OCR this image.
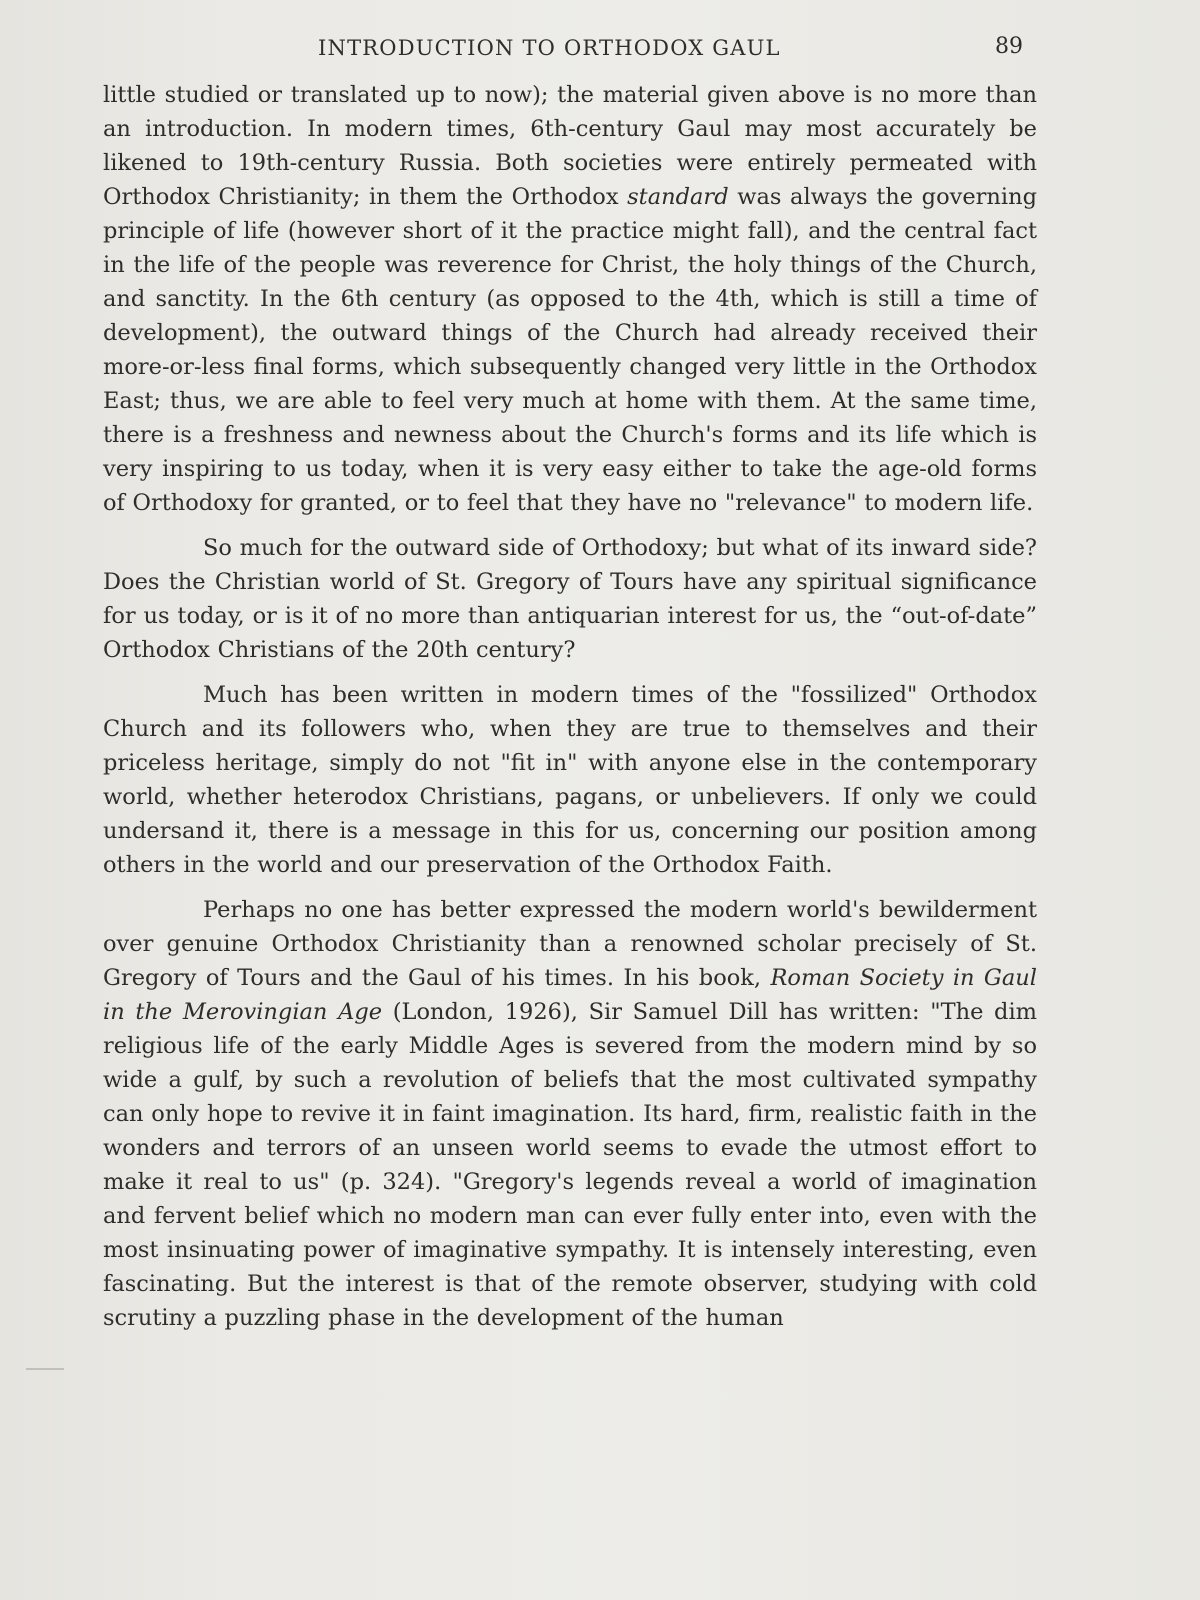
INTRODUCTION TO ORTHODOX GAUL	89

little studied or translated up to now); the material given above is no more than an introduction. In modern times, 6th-century Gaul may most accurately be likened to 19th-century Russia. Both societies were entirely permeated with Orthodox Christianity; in them the Orthodox standard was always the governing principle of life (however short of it the practice might fall), and the central fact in the life of the people was reverence for Christ, the holy things of the Church, and sanctity. In the 6th century (as opposed to the 4th, which is still a time of development), the outward things of the Church had already received their more-or-less final forms, which subsequently changed very little in the Orthodox East; thus, we are able to feel very much at home with them. At the same time, there is a freshness and newness about the Church's forms and its life which is very inspiring to us today, when it is very easy either to take the age-old forms of Orthodoxy for granted, or to feel that they have no "relevance" to modern life.

So much for the outward side of Orthodoxy; but what of its inward side? Does the Christian world of St. Gregory of Tours have any spiritual significance for us today, or is it of no more than antiquarian interest for us, the “out-of-date” Orthodox Christians of the 20th century?

Much has been written in modern times of the "fossilized" Orthodox Church and its followers who, when they are true to themselves and their priceless heritage, simply do not "fit in" with anyone else in the contemporary world, whether heterodox Christians, pagans, or unbelievers. If only we could undersand it, there is a message in this for us, concerning our position among others in the world and our preservation of the Orthodox Faith.

Perhaps no one has better expressed the modern world's bewilderment over genuine Orthodox Christianity than a renowned scholar precisely of St. Gregory of Tours and the Gaul of his times. In his book, Roman Society in Gaul in the Merovingian Age (London, 1926), Sir Samuel Dill has written: "The dim religious life of the early Middle Ages is severed from the modern mind by so wide a gulf, by such a revolution of beliefs that the most cultivated sympathy can only hope to revive it in faint imagination. Its hard, firm, realistic faith in the wonders and terrors of an unseen world seems to evade the utmost effort to make it real to us" (p. 324). "Gregory's legends reveal a world of imagination and fervent belief which no modern man can ever fully enter into, even with the most insinuating power of imaginative sympathy. It is intensely interesting, even fascinating. But the interest is that of the remote observer, studying with cold scrutiny a puzzling phase in the development of the human
